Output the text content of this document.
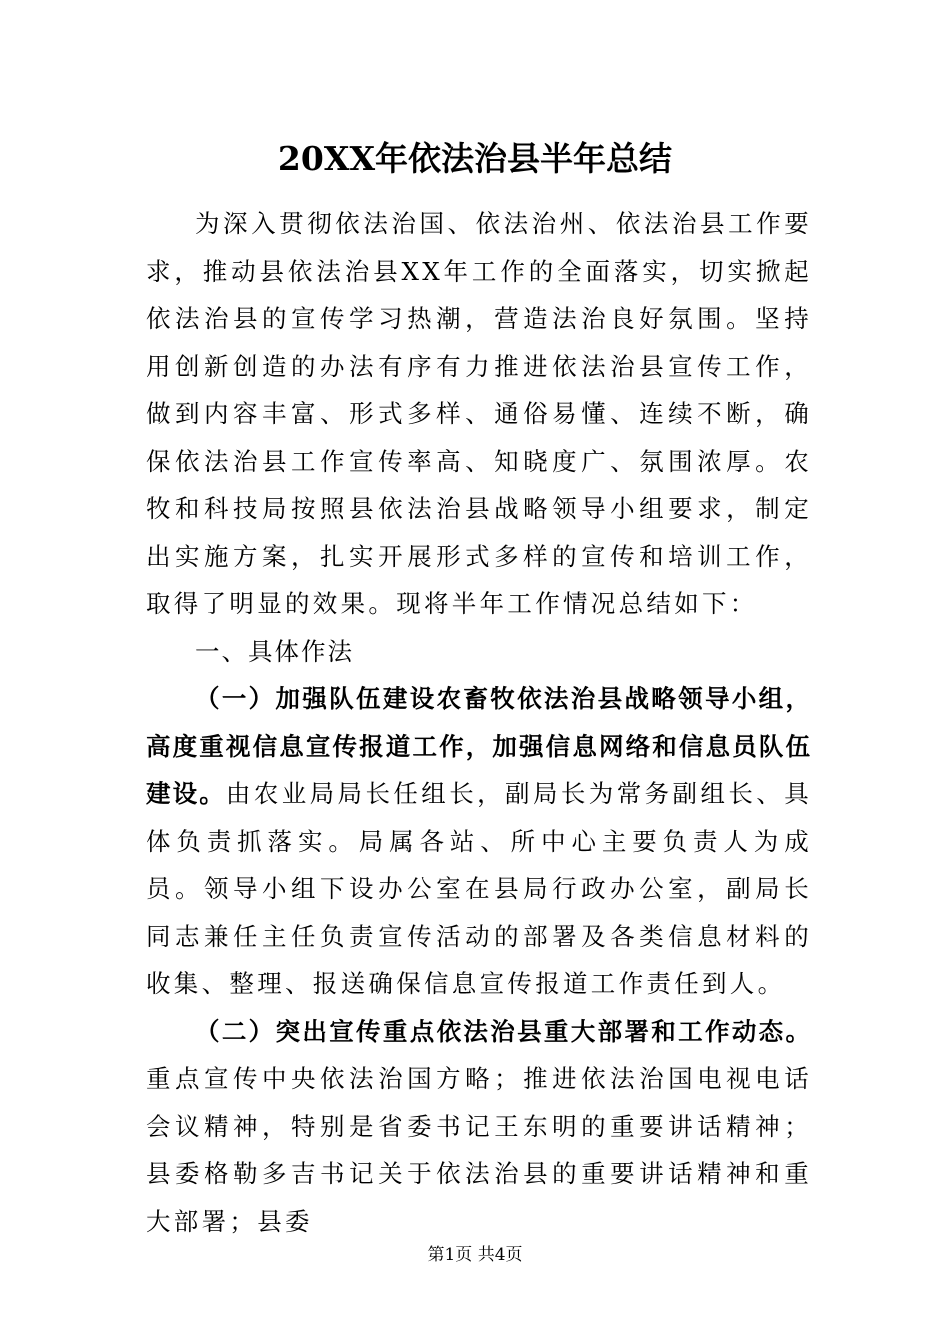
20XX年依法治县半年总结

为深入贯彻依法治国、依法治州、依法治县工作要求，推动县依法治县XX年工作的全面落实，切实掀起依法治县的宣传学习热潮，营造法治良好氛围。坚持用创新创造的办法有序有力推进依法治县宣传工作，做到内容丰富、形式多样、通俗易懂、连续不断，确保依法治县工作宣传率高、知晓度广、氛围浓厚。农牧和科技局按照县依法治县战略领导小组要求，制定出实施方案，扎实开展形式多样的宣传和培训工作，取得了明显的效果。现将半年工作情况总结如下：

一、具体作法

（一）加强队伍建设农畜牧依法治县战略领导小组，高度重视信息宣传报道工作，加强信息网络和信息员队伍建设。由农业局局长任组长，副局长为常务副组长、具体负责抓落实。局属各站、所中心主要负责人为成员。领导小组下设办公室在县局行政办公室，副局长同志兼任主任负责宣传活动的部署及各类信息材料的收集、整理、报送确保信息宣传报道工作责任到人。

（二）突出宣传重点依法治县重大部署和工作动态。重点宣传中央依法治国方略；推进依法治国电视电话会议精神，特别是省委书记王东明的重要讲话精神；县委格勒多吉书记关于依法治县的重要讲话精神和重大部署；县委

第1页 共4页
